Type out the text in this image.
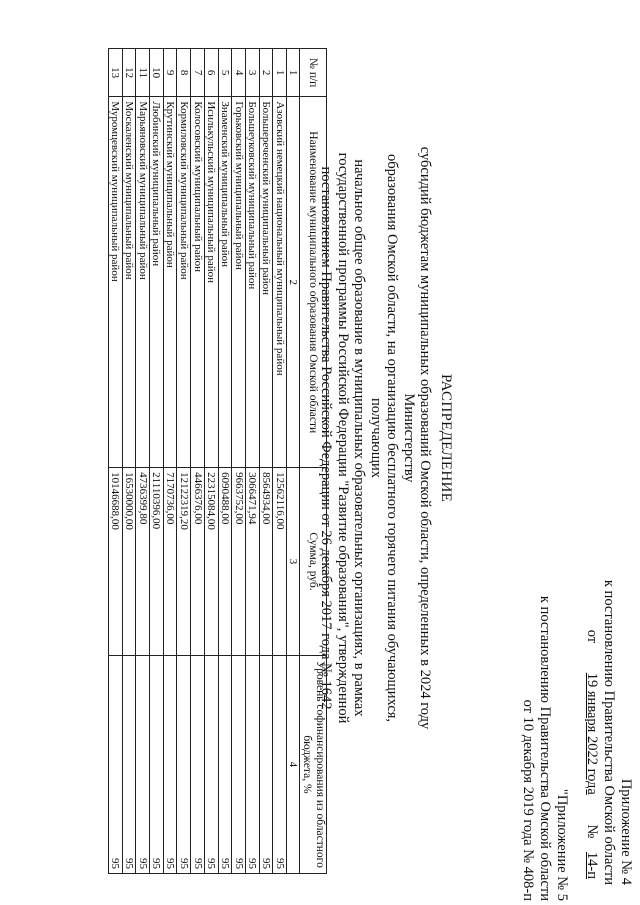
Приложение № 4
к постановлению Правительства Омской области
от 19 января 2022 года № 14-п
"Приложение № 5
к постановлению Правительства Омской области
от 10 декабря 2019 года № 408-п
РАСПРЕДЕЛЕНИЕ
субсидий бюджетам муниципальных образований Омской области, определенных в 2024 году Министерству
образования Омской области, на организацию бесплатного горячего питания обучающихся, получающих
начальное общее образование в муниципальных образовательных организациях, в рамках
государственной программы Российской Федерации "Развитие образования", утвержденной
постановлением Правительства Российской Федерации от 26 декабря 2017 года № 1642
№ п/п	Наименование муниципального образования Омской области	Сумма, руб.	Уровень софинансирования из областного бюджета, %
1	2	3	4
1	Азовский немецкий национальный муниципальный район	12562116,00	95
2	Большереченский муниципальный район	8564934,00	95
3	Большеуковский муниципальный район	3066471,94	95
4	Горьковский муниципальный район	9663752,00	95
5	Знаменский муниципальный район	6090488,00	95
6	Исилькульский муниципальный район	22315084,00	95
7	Колосовский муниципальный район	4466376,00	95
8	Кормиловский муниципальный район	12122319,20	95
9	Крутинский муниципальный район	7170736,00	95
10	Любинский муниципальный район	21110396,00	95
11	Марьяновский муниципальный район	4736399,80	95
12	Москаленский муниципальный район	16530000,00	95
13	Муромцевский муниципальный район	10146688,00	95
